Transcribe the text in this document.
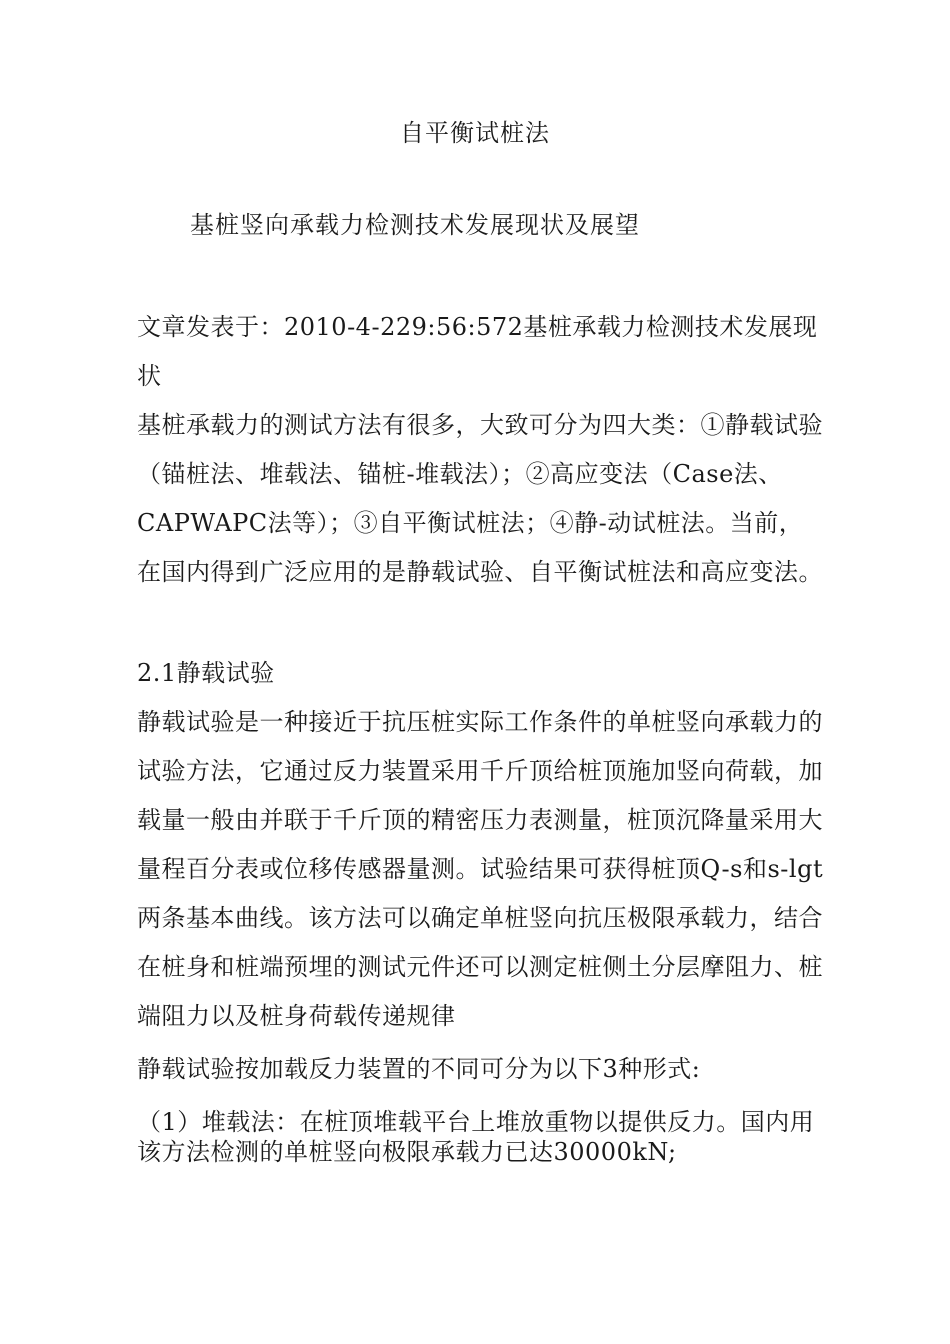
自平衡试桩法
基桩竖向承载力检测技术发展现状及展望

文章发表于：2010-4-229:56:572基桩承载力检测技术发展现状

基桩承载力的测试方法有很多，大致可分为四大类：①静载试验（锚桩法、堆载法、锚桩-堆载法）；②高应变法（Case法、CAPWAPC法等）；③自平衡试桩法；④静-动试桩法。当前，在国内得到广泛应用的是静载试验、自平衡试桩法和高应变法。

2.1静载试验

静载试验是一种接近于抗压桩实际工作条件的单桩竖向承载力的试验方法，它通过反力装置采用千斤顶给桩顶施加竖向荷载，加载量一般由并联于千斤顶的精密压力表测量，桩顶沉降量采用大量程百分表或位移传感器量测。试验结果可获得桩顶Q-s和s-lgt两条基本曲线。该方法可以确定单桩竖向抗压极限承载力，结合在桩身和桩端预埋的测试元件还可以测定桩侧土分层摩阻力、桩端阻力以及桩身荷载传递规律

静载试验按加载反力装置的不同可分为以下3种形式:

（1）堆载法：在桩顶堆载平台上堆放重物以提供反力。国内用该方法检测的单桩竖向极限承载力已达30000kN;
